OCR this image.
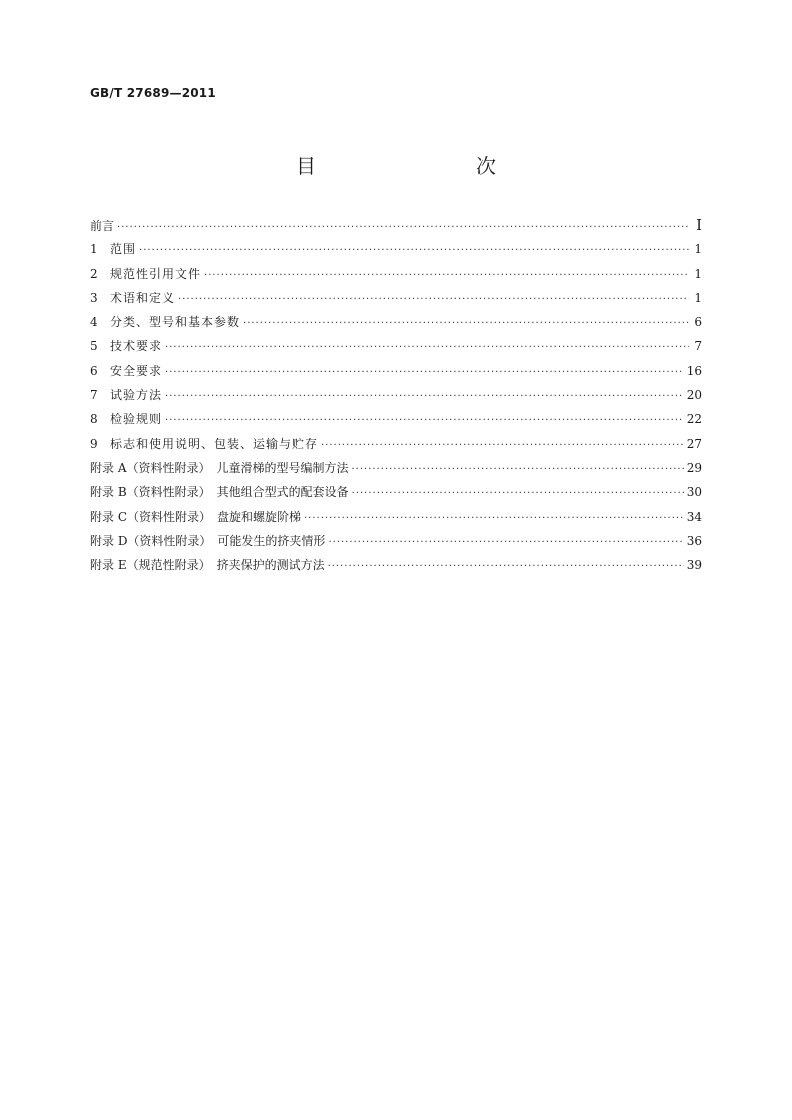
GB/T 27689—2011
目　　次
前言 ·····	Ⅰ
1	范围 ·····	1
2	规范性引用文件 ·····	1
3	术语和定义 ·····	1
4	分类、型号和基本参数 ·····	6
5	技术要求 ·····	7
6	安全要求 ·····	16
7	试验方法 ·····	20
8	检验规则 ·····	22
9	标志和使用说明、包装、运输与贮存 ·····	27
附录 A（资料性附录）　儿童滑梯的型号编制方法 ·····	29
附录 B（资料性附录）　其他组合型式的配套设备 ·····	30
附录 C（资料性附录）　盘旋和螺旋阶梯 ·····	34
附录 D（资料性附录）　可能发生的挤夹情形 ·····	36
附录 E（规范性附录）　挤夹保护的测试方法 ·····	39
